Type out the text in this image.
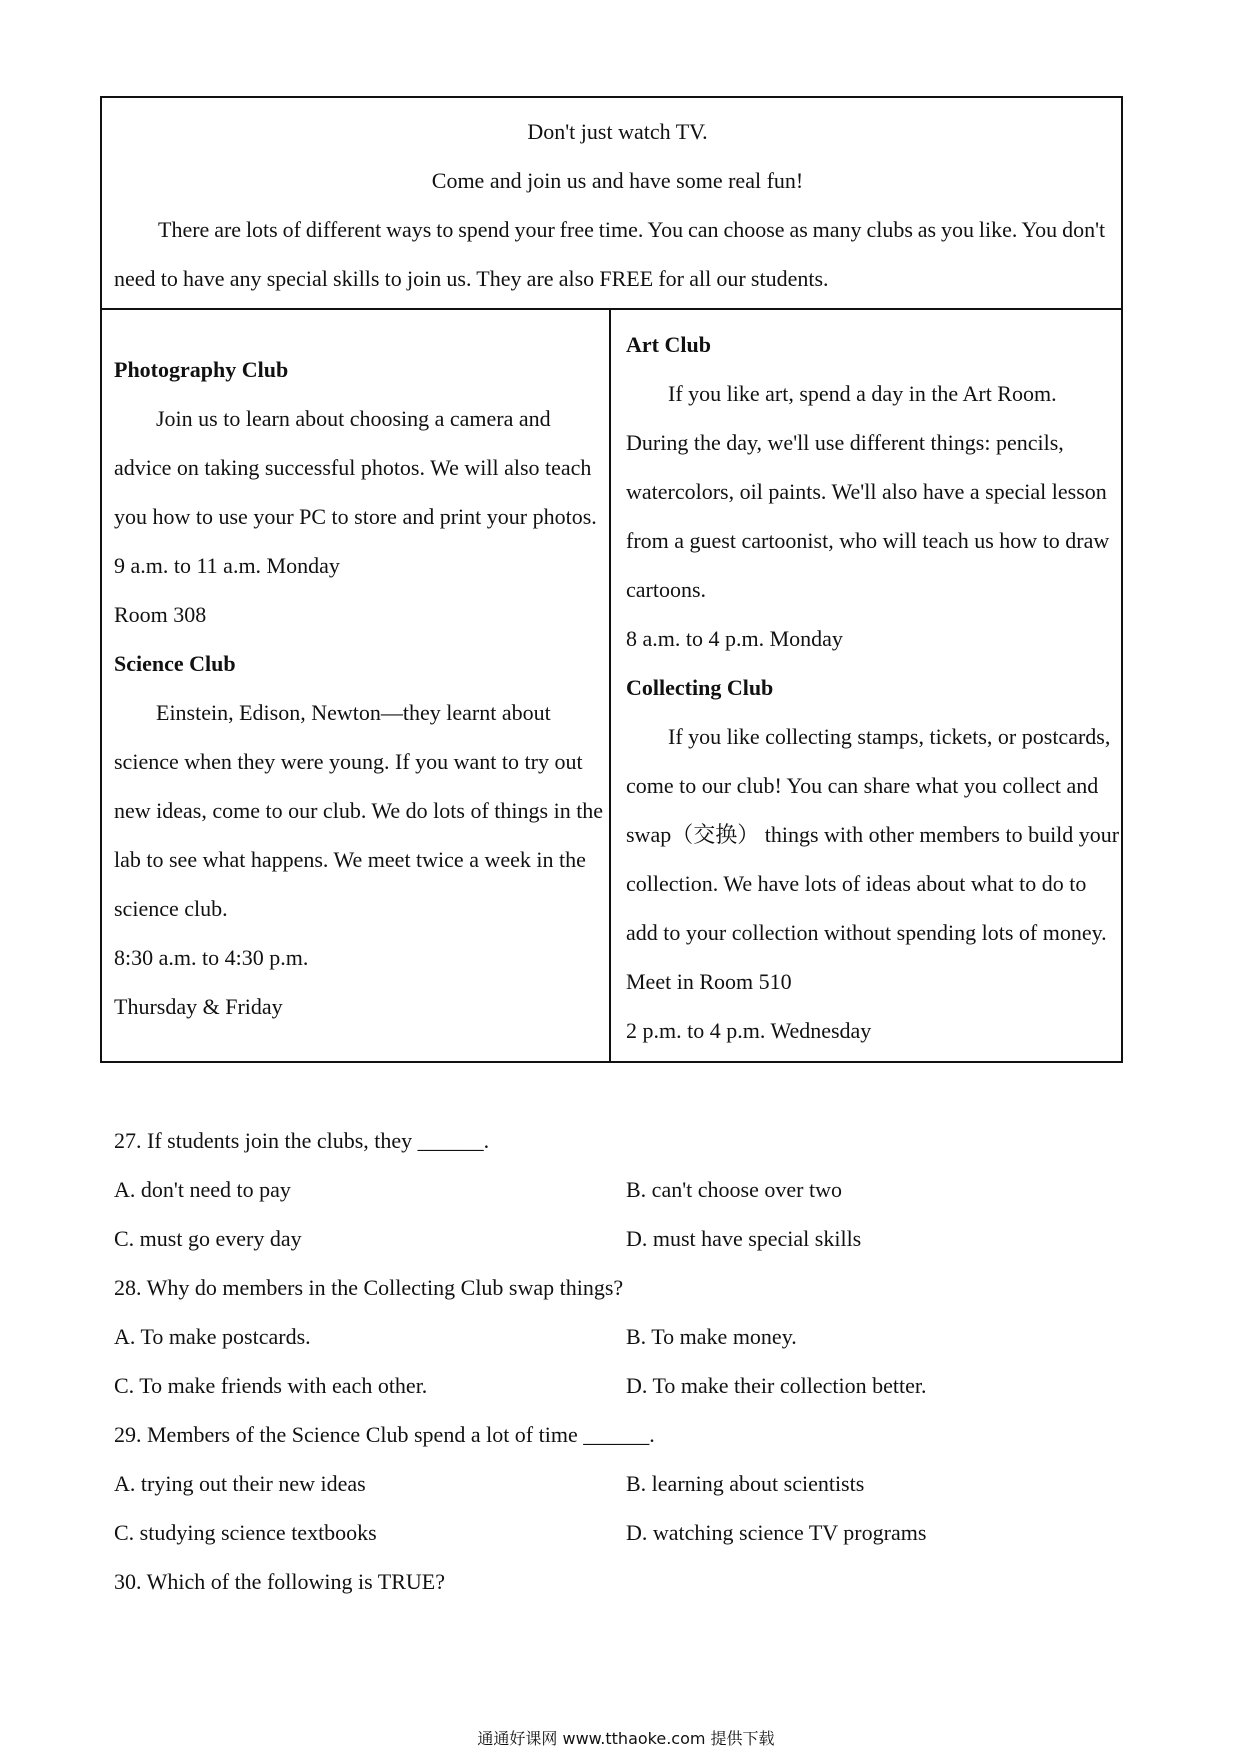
Don't just watch TV.
Come and join us and have some real fun!
There are lots of different ways to spend your free time. You can choose as many clubs as you like. You don't
need to have any special skills to join us. They are also FREE for all our students.
Photography Club
Join us to learn about choosing a camera and
advice on taking successful photos. We will also teach
you how to use your PC to store and print your photos.
9 a.m. to 11 a.m. Monday
Room 308
Science Club
Einstein, Edison, Newton—they learnt about
science when they were young. If you want to try out
new ideas, come to our club. We do lots of things in the
lab to see what happens. We meet twice a week in the
science club.
8:30 a.m. to 4:30 p.m.
Thursday & Friday
Art Club
If you like art, spend a day in the Art Room.
During the day, we'll use different things: pencils,
watercolors, oil paints. We'll also have a special lesson
from a guest cartoonist, who will teach us how to draw
cartoons.
8 a.m. to 4 p.m. Monday
Collecting Club
If you like collecting stamps, tickets, or postcards,
come to our club! You can share what you collect and
swap（交换） things with other members to build your
collection. We have lots of ideas about what to do to
add to your collection without spending lots of money.
Meet in Room 510
2 p.m. to 4 p.m. Wednesday
27. If students join the clubs, they ______.
A. don't need to pay	B. can't choose over two
C. must go every day	D. must have special skills
28. Why do members in the Collecting Club swap things?
A. To make postcards.	B. To make money.
C. To make friends with each other.	D. To make their collection better.
29. Members of the Science Club spend a lot of time ______.
A. trying out their new ideas	B. learning about scientists
C. studying science textbooks	D. watching science TV programs
30. Which of the following is TRUE?
通通好课网 www.tthaoke.com 提供下载
